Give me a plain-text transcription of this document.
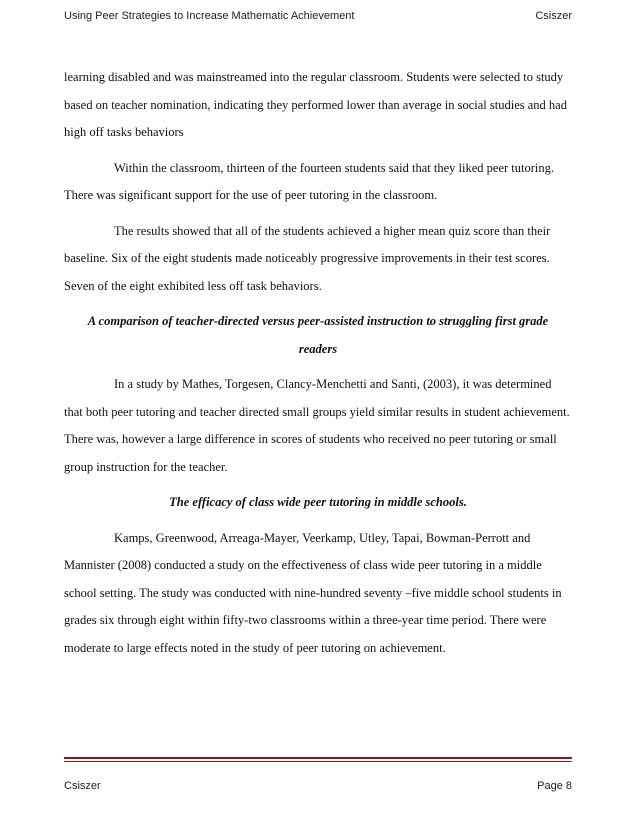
Using Peer Strategies to Increase Mathematic Achievement	Csiszer

learning disabled and was mainstreamed into the regular classroom. Students were selected to study based on teacher nomination, indicating they performed lower than average in social studies and had high off tasks behaviors

Within the classroom, thirteen of the fourteen students said that they liked peer tutoring. There was significant support for the use of peer tutoring in the classroom.

The results showed that all of the students achieved a higher mean quiz score than their baseline. Six of the eight students made noticeably progressive improvements in their test scores. Seven of the eight exhibited less off task behaviors.

A comparison of teacher-directed versus peer-assisted instruction to struggling first grade readers

In a study by Mathes, Torgesen, Clancy-Menchetti and Santi, (2003), it was determined that both peer tutoring and teacher directed small groups yield similar results in student achievement. There was, however a large difference in scores of students who received no peer tutoring or small group instruction for the teacher.

The efficacy of class wide peer tutoring in middle schools.

Kamps, Greenwood, Arreaga-Mayer, Veerkamp, Utley, Tapai, Bowman-Perrott and Mannister (2008) conducted a study on the effectiveness of class wide peer tutoring in a middle school setting. The study was conducted with nine-hundred seventy –five middle school students in grades six through eight within fifty-two classrooms within a three-year time period. There were moderate to large effects noted in the study of peer tutoring on achievement.

Csiszer	Page 8
